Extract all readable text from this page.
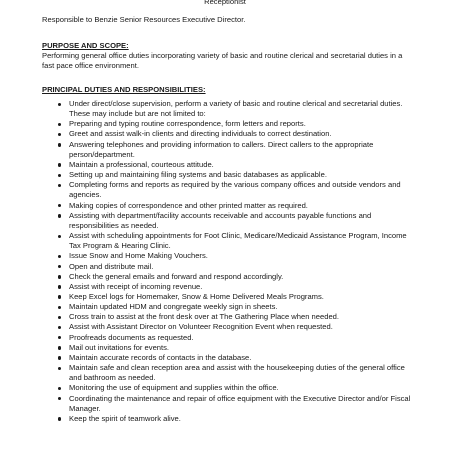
Receptionist
Responsible to Benzie Senior Resources Executive Director.
PURPOSE AND SCOPE:
Performing general office duties incorporating variety of basic and routine clerical and secretarial duties in a fast pace office environment.
PRINCIPAL DUTIES AND RESPONSIBILITIES:
Under direct/close supervision, perform a variety of basic and routine clerical and secretarial duties. These may include but are not limited to:
Preparing and typing routine correspondence, form letters and reports.
Greet and assist walk-in clients and directing individuals to correct destination.
Answering telephones and providing information to callers. Direct callers to the appropriate person/department.
Maintain a professional, courteous attitude.
Setting up and maintaining filing systems and basic databases as applicable.
Completing forms and reports as required by the various company offices and outside vendors and agencies.
Making copies of correspondence and other printed matter as required.
Assisting with department/facility accounts receivable and accounts payable functions and responsibilities as needed.
Assist with scheduling appointments for Foot Clinic, Medicare/Medicaid Assistance Program, Income Tax Program & Hearing Clinic.
Issue Snow and Home Making Vouchers.
Open and distribute mail.
Check the general emails and forward and respond accordingly.
Assist with receipt of incoming revenue.
Keep Excel logs for Homemaker, Snow & Home Delivered Meals Programs.
Maintain updated HDM and congregate weekly sign in sheets.
Cross train to assist at the front desk over at The Gathering Place when needed.
Assist with Assistant Director on Volunteer Recognition Event when requested.
Proofreads documents as requested.
Mail out invitations for events.
Maintain accurate records of contacts in the database.
Maintain safe and clean reception area and assist with the housekeeping duties of the general office and bathroom as needed.
Monitoring the use of equipment and supplies within the office.
Coordinating the maintenance and repair of office equipment with the Executive Director and/or Fiscal Manager.
Keep the spirit of teamwork alive.
